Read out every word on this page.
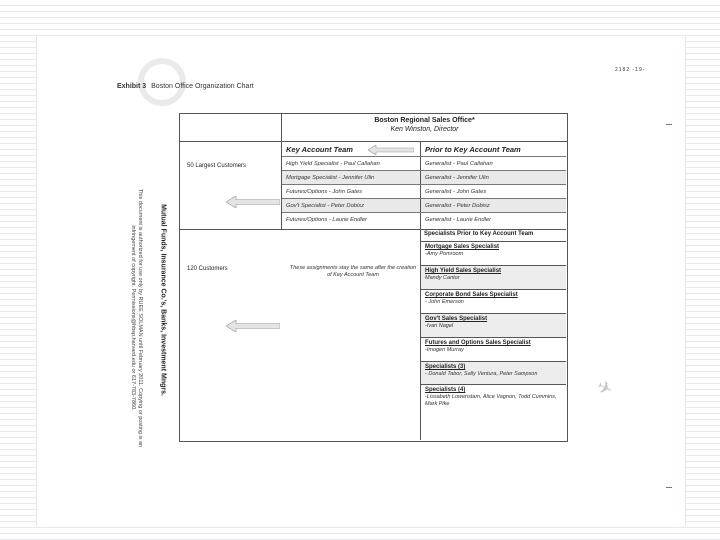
2182 -19-
Exhibit 3 Boston Office Organization Chart
✈
This document is authorized for use only by RUEE SOLMAN until February 2011. Copying or posting is an
infringement of copyright. Permissions@hbsp.harvard.edu or 617-783-7860.	Mutual Funds, Insurance Co.'s, Banks, Investment Mngrs.
Boston Regional Sales Office*
Ken Winston, Director
Key Account Team	Prior to Key Account Team
High Yield Specialist - Paul Callahan	Generalist - Paul Callahan
Mortgage Specialist - Jennifer Ulin	Generalist - Jennifer Ulin
Futures/Options - John Gates	Generalist - John Gates
Gov't Specialist - Peter Dobisz	Generalist - Peter Dobisz
Futures/Options - Laurie Endler	Generalist - Laurie Endler
50 Largest Customers
120 Customers	These assignments stay the same after the creation of Key Account Team
Specialists Prior to Key Account Team
Mortgage Sales Specialist
-Amy Pomroom
High Yield Sales Specialist
Mandy Cantor
Corporate Bond Sales Specialist
- John Emerson
Gov't Sales Specialist
-Ivan Nagel
Futures and Options Sales Specialist
-Imogen Murray
Specialists (3)
- Donald Tabor, Sally Ventura, Peter Sampson
Specialists (4)
-Lissabeth Lowenstam, Alice Vagnon, Todd Cummins, Mark Pike
